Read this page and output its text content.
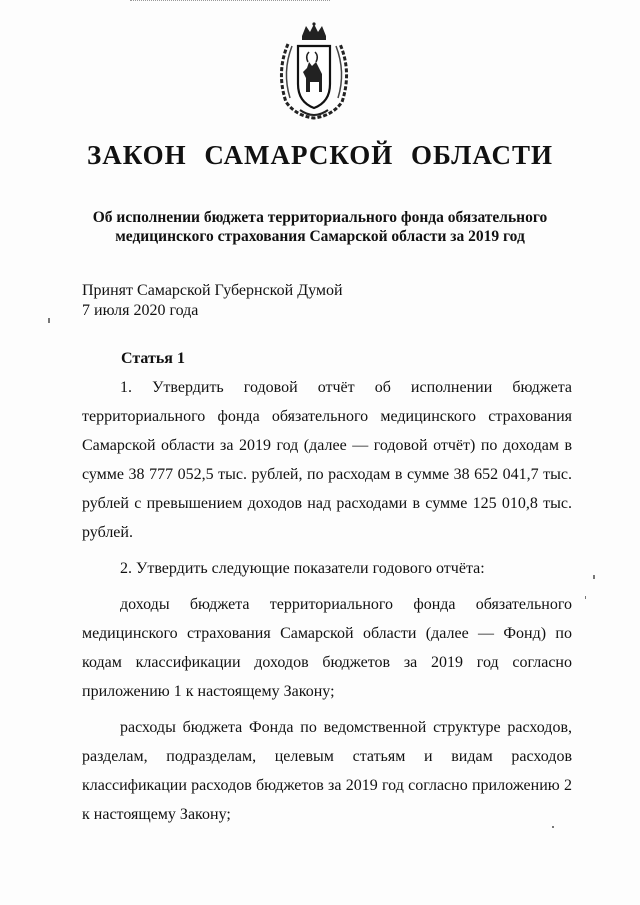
ЗАКОН САМАРСКОЙ ОБЛАСТИ
Об исполнении бюджета территориального фонда обязательного
медицинского страхования Самарской области за 2019 год
Принят Самарской Губернской Думой
7 июля 2020 года
Статья 1

1. Утвердить годовой отчёт об исполнении бюджета территориального фонда обязательного медицинского страхования Самарской области за 2019 год (далее — годовой отчёт) по доходам в сумме 38 777 052,5 тыс. рублей, по расходам в сумме 38 652 041,7 тыс. рублей с превышением доходов над расходами в сумме 125 010,8 тыс. рублей.

2. Утвердить следующие показатели годового отчёта:

доходы бюджета территориального фонда обязательного медицинского страхования Самарской области (далее — Фонд) по кодам классификации доходов бюджетов за 2019 год согласно приложению 1 к настоящему Закону;

расходы бюджета Фонда по ведомственной структуре расходов, разделам, подразделам, целевым статьям и видам расходов классификации расходов бюджетов за 2019 год согласно приложению 2 к настоящему Закону;
